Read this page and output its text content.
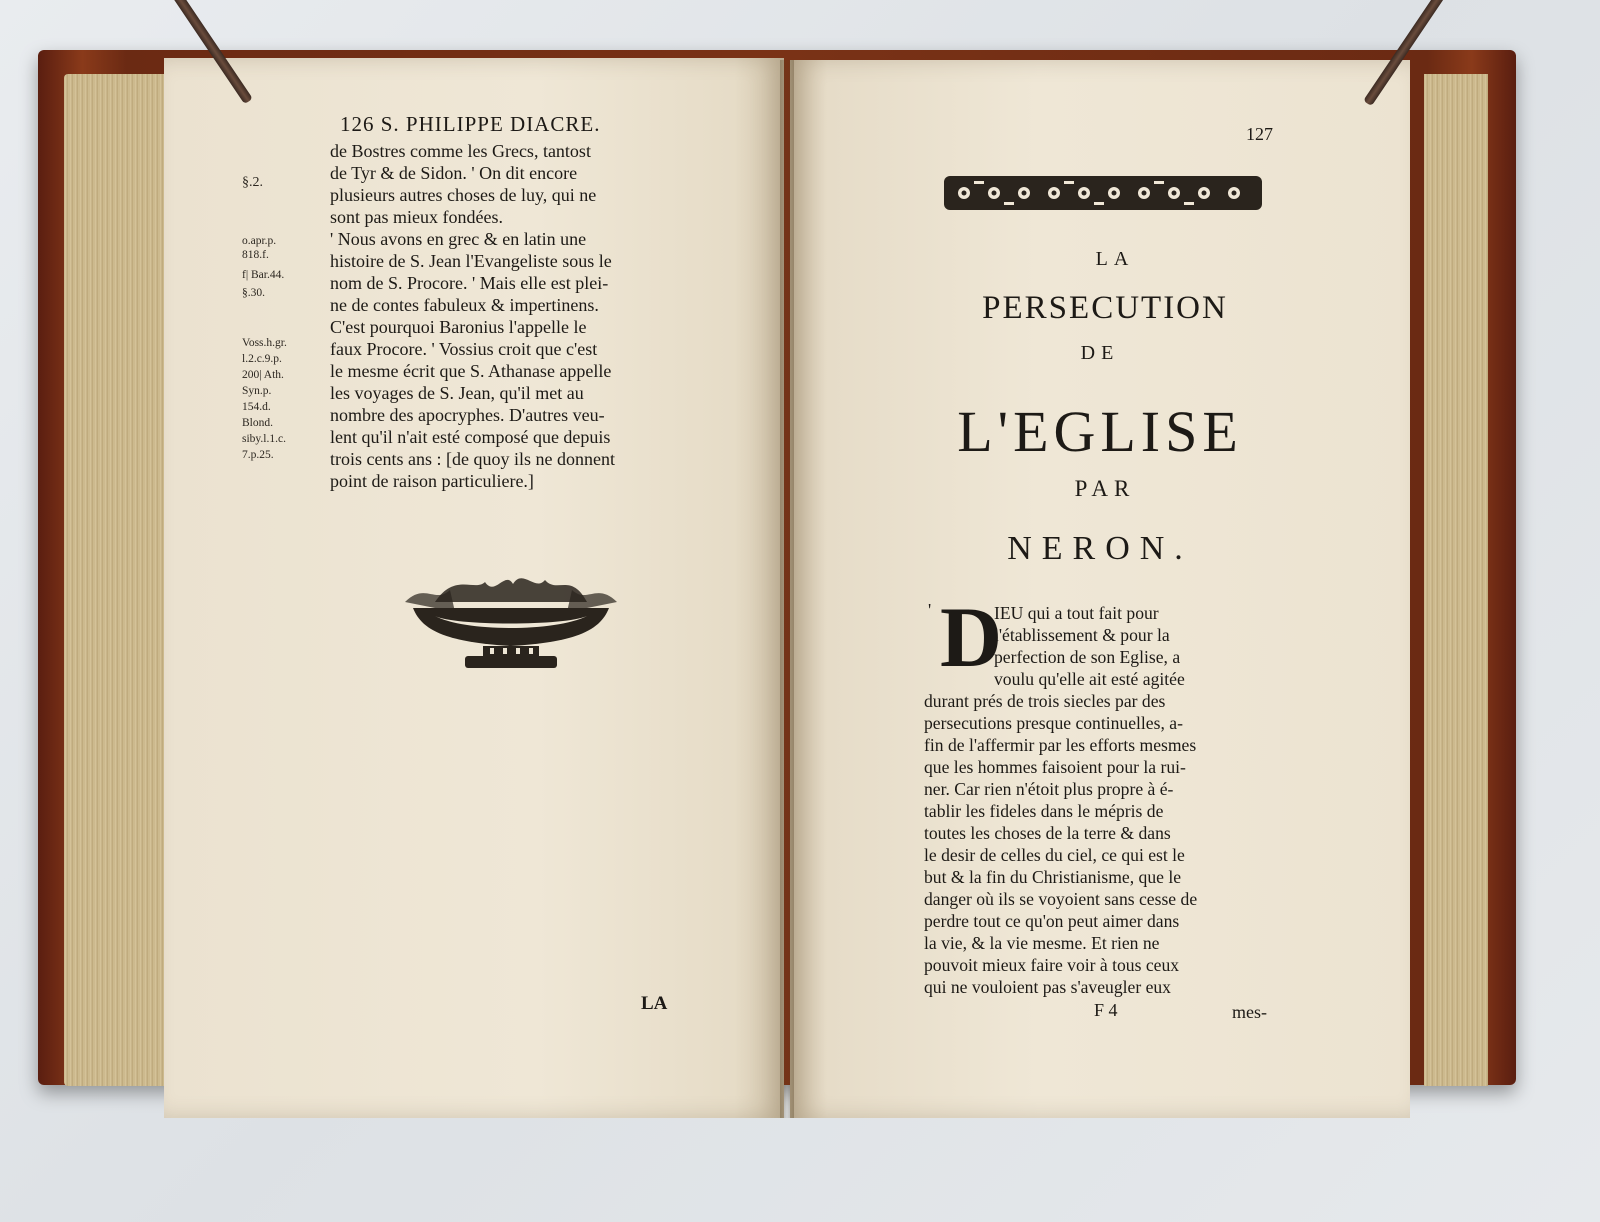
126 S. PHILIPPE DIACRE.
§.2.
o.apr.p.
818.f.
f| Bar.44.
§.30.
Voss.h.gr.
l.2.c.9.p.
200| Ath.
Syn.p.
154.d.
Blond.
siby.l.1.c.
7.p.25.
de Bostres comme les Grecs, tantost
de Tyr & de Sidon. ' On dit encore
plusieurs autres choses de luy, qui ne
sont pas mieux fondées.
' Nous avons en grec & en latin une
histoire de S. Jean l'Evangeliste sous le
nom de S. Procore. ' Mais elle est plei-
ne de contes fabuleux & impertinens.
C'est pourquoi Baronius l'appelle le
faux Procore. ' Vossius croit que c'est
le mesme écrit que S. Athanase appelle
les voyages de S. Jean, qu'il met au
nombre des apocryphes. D'autres veu-
lent qu'il n'ait esté composé que depuis
trois cents ans : [de quoy ils ne donnent
point de raison particuliere.]
LA
127
LA
PERSECUTION
DE
L'EGLISE
PAR
NERON.
' D
IEU qui a tout fait pour
l'établissement & pour la
perfection de son Eglise, a
voulu qu'elle ait esté agitée
durant prés de trois siecles par des
persecutions presque continuelles, a-
fin de l'affermir par les efforts mesmes
que les hommes faisoient pour la rui-
ner. Car rien n'étoit plus propre à é-
tablir les fideles dans le mépris de
toutes les choses de la terre & dans
le desir de celles du ciel, ce qui est le
but & la fin du Christianisme, que le
danger où ils se voyoient sans cesse de
perdre tout ce qu'on peut aimer dans
la vie, & la vie mesme. Et rien ne
pouvoit mieux faire voir à tous ceux
qui ne vouloient pas s'aveugler eux
F 4	mes-
